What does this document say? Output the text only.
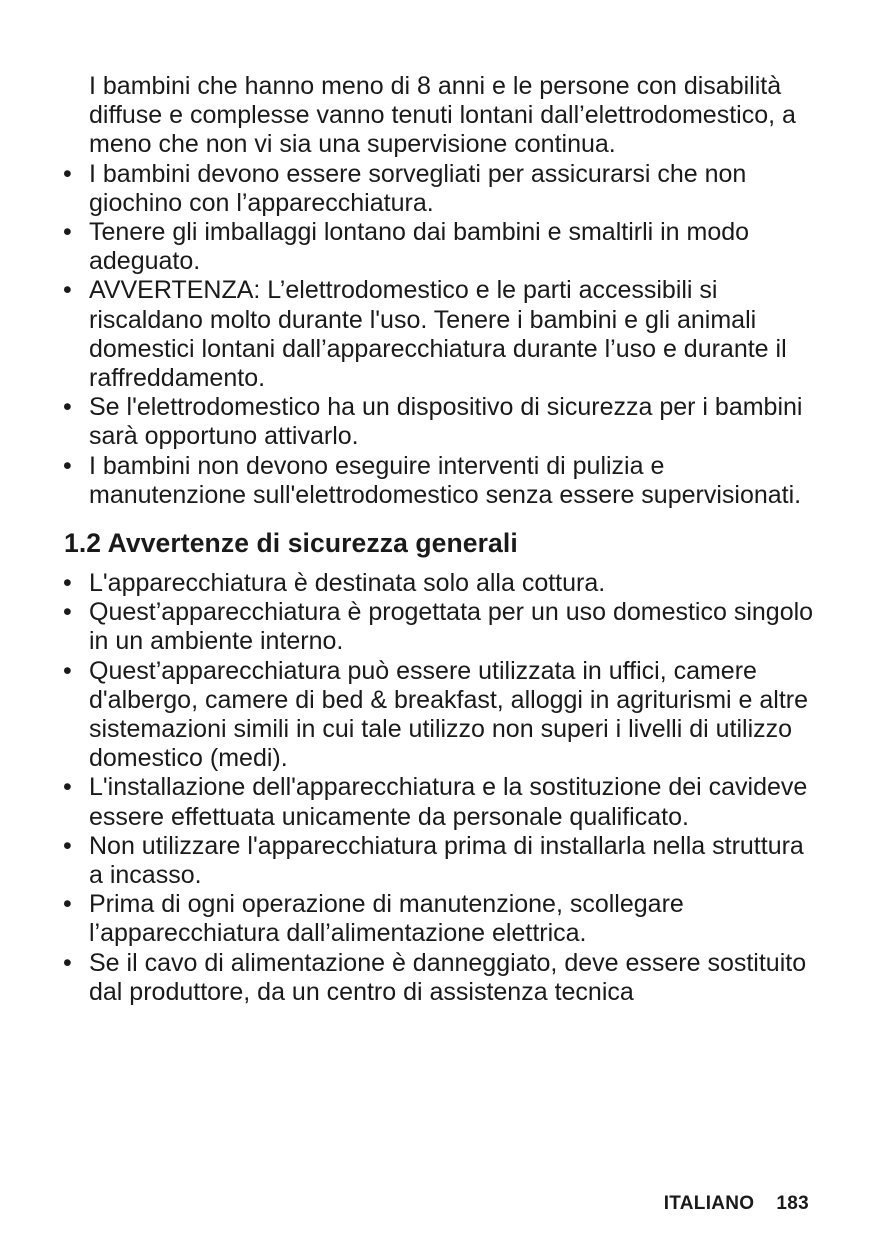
I bambini che hanno meno di 8 anni e le persone con disabilità diffuse e complesse vanno tenuti lontani dall’elettrodomestico, a meno che non vi sia una supervisione continua.

• I bambini devono essere sorvegliati per assicurarsi che non giochino con l’apparecchiatura.
• Tenere gli imballaggi lontano dai bambini e smaltirli in modo adeguato.
• AVVERTENZA: L’elettrodomestico e le parti accessibili si riscaldano molto durante l'uso. Tenere i bambini e gli animali domestici lontani dall’apparecchiatura durante l’uso e durante il raffreddamento.
• Se l'elettrodomestico ha un dispositivo di sicurezza per i bambini sarà opportuno attivarlo.
• I bambini non devono eseguire interventi di pulizia e manutenzione sull'elettrodomestico senza essere supervisionati.
1.2 Avvertenze di sicurezza generali
• L'apparecchiatura è destinata solo alla cottura.
• Quest’apparecchiatura è progettata per un uso domestico singolo in un ambiente interno.
• Quest’apparecchiatura può essere utilizzata in uffici, camere d'albergo, camere di bed & breakfast, alloggi in agriturismi e altre sistemazioni simili in cui tale utilizzo non superi i livelli di utilizzo domestico (medi).
• L'installazione dell'apparecchiatura e la sostituzione dei cavideve essere effettuata unicamente da personale qualificato.
• Non utilizzare l'apparecchiatura prima di installarla nella struttura a incasso.
• Prima di ogni operazione di manutenzione, scollegare l’apparecchiatura dall’alimentazione elettrica.
• Se il cavo di alimentazione è danneggiato, deve essere sostituito dal produttore, da un centro di assistenza tecnica
ITALIANO 183
